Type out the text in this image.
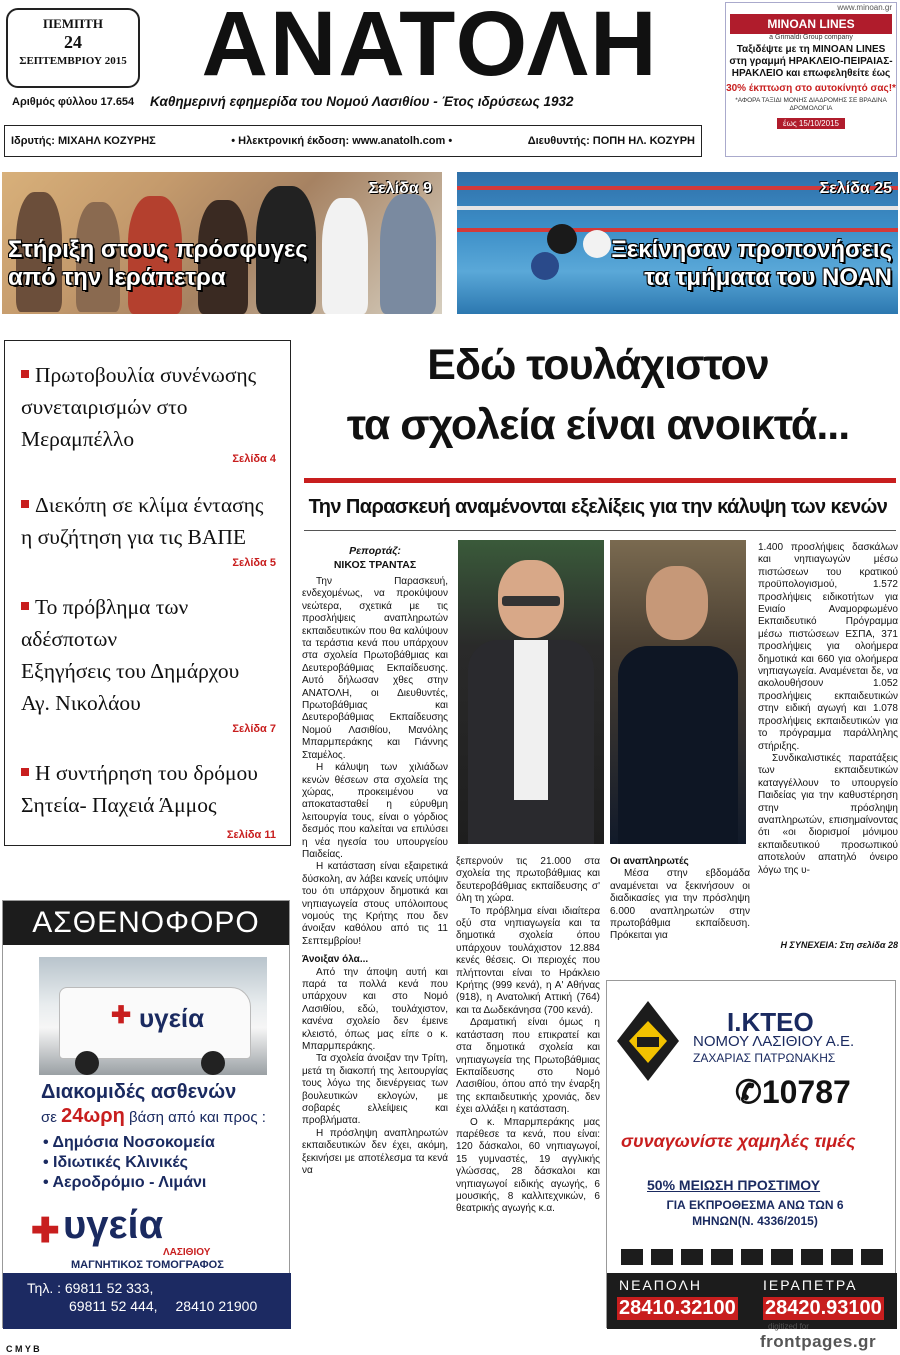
ΠΕΜΠΤΗ
24
ΣΕΠΤΕΜΒΡΙΟΥ 2015 ΑΝΑΤΟΛΗ
Αριθμός φύλλου 17.654 Καθημερινή εφημερίδα του Νομού Λασιθίου - Έτος ιδρύσεως 1932
Ιδρυτής: ΜΙΧΑΗΛ ΚΟΖΥΡΗΣ	• Ηλεκτρονική έκδοση: www.anatolh.com •	Διευθυντής: ΠΟΠΗ ΗΛ. ΚΟΖΥΡΗ
www.minoan.gr
MINOAN LINES
a Grimaldi Group company
Ταξιδέψτε με τη MINOAN LINES
στη γραμμή ΗΡΑΚΛΕΙΟ-ΠΕΙΡΑΙΑΣ-
ΗΡΑΚΛΕΙΟ και επωφεληθείτε έως
30% έκπτωση στο αυτοκίνητό σας!*
*ΑΦΟΡΑ ΤΑΞΙΔΙ ΜΟΝΗΣ ΔΙΑΔΡΟΜΗΣ ΣΕ ΒΡΑΔΙΝΑ ΔΡΟΜΟΛΟΓΙΑ
έως 15/10/2015
Σελίδα 9
Στήριξη στους πρόσφυγες
από την Ιεράπετρα
Σελίδα 25
Ξεκίνησαν προπονήσεις
τα τμήματα του ΝΟΑΝ
Πρωτοβουλία συνένωσης
συνεταιρισμών στο
Μεραμπέλλο
Σελίδα 4
Διεκόπη σε κλίμα έντασης
η συζήτηση για τις ΒΑΠΕ
Σελίδα 5
Το πρόβλημα των
αδέσποτων
Εξηγήσεις του Δημάρχου
Αγ. Νικολάου
Σελίδα 7
Η συντήρηση του δρόμου
Σητεία- Παχειά Άμμος
Σελίδα 11
ΑΣΘΕΝΟΦΟΡΟ
υγεία
✚
Διακομιδές ασθενών
σε 24ωρη βάση από και προς :
• Δημόσια Νοσοκομεία
• Ιδιωτικές Κλινικές
• Αεροδρόμιο - Λιμάνι
✚ υγεία
ΛΑΣΙΘΙΟΥ
ΜΑΓΝΗΤΙΚΟΣ ΤΟΜΟΓΡΑΦΟΣ
Τηλ. : 69811 52 333,
69811 52 444, 28410 21900
Εδώ τουλάχιστον
τα σχολεία είναι ανοικτά...
Την Παρασκευή αναμένονται εξελίξεις για την κάλυψη των κενών
Ρεπορτάζ:
ΝΙΚΟΣ ΤΡΑΝΤΑΣ

Την Παρασκευή, ενδεχομένως, να προκύψουν νεώτερα, σχετικά με τις προσλήψεις αναπληρωτών εκπαιδευτικών που θα καλύψουν τα τεράστια κενά που υπάρχουν στα σχολεία Πρωτοβάθμιας και Δευτεροβάθμιας Εκπαίδευσης. Αυτό δήλωσαν χθες στην ΑΝΑΤΟΛΗ, οι Διευθυντές, Πρωτοβάθμιας και Δευτεροβάθμιας Εκπαίδευσης Νομού Λασιθίου, Μανόλης Μπαρμπεράκης και Γιάννης Σταμέλος.

Η κάλυψη των χιλιάδων κενών θέσεων στα σχολεία της χώρας, προκειμένου να αποκατασταθεί η εύρυθμη λειτουργία τους, είναι ο γόρδιος δεσμός που καλείται να επιλύσει η νέα ηγεσία του υπουργείου Παιδείας.

Η κατάσταση είναι εξαιρετικά δύσκολη, αν λάβει κανείς υπόψιν του ότι υπάρχουν δημοτικά και νηπιαγωγεία στους υπόλοιπους νομούς της Κρήτης που δεν άνοιξαν καθόλου από τις 11 Σεπτεμβρίου!

Άνοιξαν όλα...

Από την άποψη αυτή και παρά τα πολλά κενά που υπάρχουν και στο Νομό Λασιθίου, εδώ, τουλάχιστον, κανένα σχολείο δεν έμεινε κλειστό, όπως μας είπε ο κ. Μπαρμπεράκης.

Τα σχολεία άνοιξαν την Τρίτη, μετά τη διακοπή της λειτουργίας τους λόγω της διενέργειας των βουλευτικών εκλογών, με σοβαρές ελλείψεις και προβλήματα.

Η πρόσληψη αναπληρωτών εκπαιδευτικών δεν έχει, ακόμη, ξεκινήσει με αποτέλεσμα τα κενά να

ξεπερνούν τις 21.000 στα σχολεία της πρωτοβάθμιας και δευτεροβάθμιας εκπαίδευσης σ' όλη τη χώρα.

Το πρόβλημα είναι ιδιαίτερα οξύ στα νηπιαγωγεία και τα δημοτικά σχολεία όπου υπάρχουν τουλάχιστον 12.884 κενές θέσεις. Οι περιοχές που πλήττονται είναι το Ηράκλειο Κρήτης (999 κενά), η Α' Αθήνας (918), η Ανατολική Αττική (764) και τα Δωδεκάνησα (700 κενά).

Δραματική είναι όμως η κατάσταση που επικρατεί και στα δημοτικά σχολεία και νηπιαγωγεία της Πρωτοβάθμιας Εκπαίδευσης στο Νομό Λασιθίου, όπου από την έναρξη της εκπαιδευτικής χρονιάς, δεν έχει αλλάξει η κατάσταση.

Ο κ. Μπαρμπεράκης μας παρέθεσε τα κενά, που είναι: 120 δάσκαλοι, 60 νηπιαγωγοί, 15 γυμναστές, 19 αγγλικής γλώσσας, 28 δάσκαλοι και νηπιαγωγοί ειδικής αγωγής, 6 μουσικής, 8 καλλιτεχνικών, 6 θεατρικής αγωγής κ.α.

Οι αναπληρωτές

Μέσα στην εβδομάδα αναμένεται να ξεκινήσουν οι διαδικασίες για την πρόσληψη 6.000 αναπληρωτών στην πρωτοβάθμια εκπαίδευση. Πρόκειται για

1.400 προσλήψεις δασκάλων και νηπιαγωγών μέσω πιστώσεων του κρατικού προϋπολογισμού, 1.572 προσλήψεις ειδικοτήτων για Ενιαίο Αναμορφωμένο Εκπαιδευτικό Πρόγραμμα μέσω πιστώσεων ΕΣΠΑ, 371 προσλήψεις για ολοήμερα δημοτικά και 660 για ολοήμερα νηπιαγωγεία. Αναμένεται δε, να ακολουθήσουν 1.052 προσλήψεις εκπαιδευτικών στην ειδική αγωγή και 1.078 προσλήψεις εκπαιδευτικών για το πρόγραμμα παράλληλης στήριξης.

Συνδικαλιστικές παρατάξεις των εκπαιδευτικών καταγγέλλουν το υπουργείο Παιδείας για την καθυστέρηση στην πρόσληψη αναπληρωτών, επισημαίνοντας ότι «οι διορισμοί μόνιμου εκπαιδευτικού προσωπικού αποτελούν απατηλό όνειρο λόγω της υ-

Η ΣΥΝΕΧΕΙΑ: Στη σελίδα 28
Ι.ΚΤΕΟ
ΝΟΜΟΥ ΛΑΣΙΘΙΟΥ Α.Ε.
ΖΑΧΑΡΙΑΣ ΠΑΤΡΩΝΑΚΗΣ
✆10787
συναγωνίστε χαμηλές τιμές
50% ΜΕΙΩΣΗ ΠΡΟΣΤΙΜΟΥ
ΓΙΑ ΕΚΠΡΟΘΕΣΜΑ ΑΝΩ ΤΩΝ 6 ΜΗΝΩΝ(Ν. 4336/2015)
ΝΕΑΠΟΛΗ
28410.32100
ΙΕΡΑΠΕΤΡΑ
28420.93100
C M Y B
digitized for
frontpages.gr
